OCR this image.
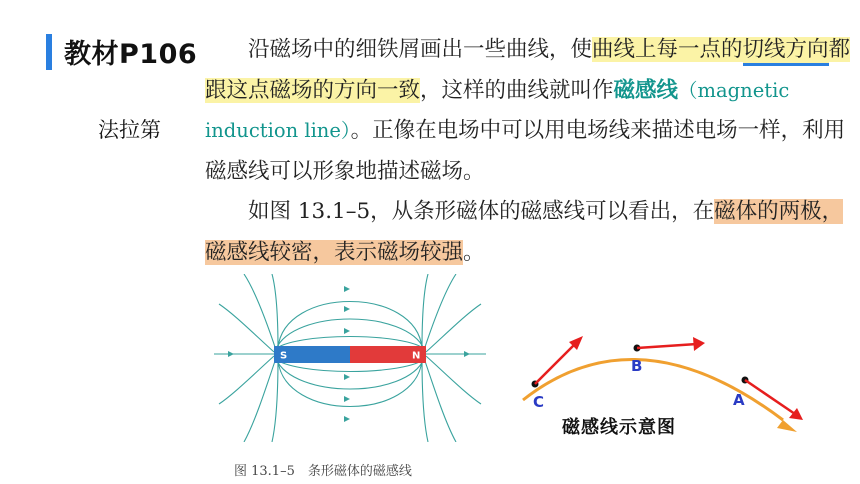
教材P106
法拉第

沿磁场中的细铁屑画出一些曲线，使曲线上每一点的切线方向都跟这点磁场的方向一致，这样的曲线就叫作磁感线（magnetic induction line）。正像在电场中可以用电场线来描述电场一样，利用磁感线可以形象地描述磁场。

如图 13.1–5，从条形磁体的磁感线可以看出，在磁体的两极，磁感线较密，表示磁场较强。

S	N
图 13.1–5　条形磁体的磁感线
C
B
A
磁感线示意图
